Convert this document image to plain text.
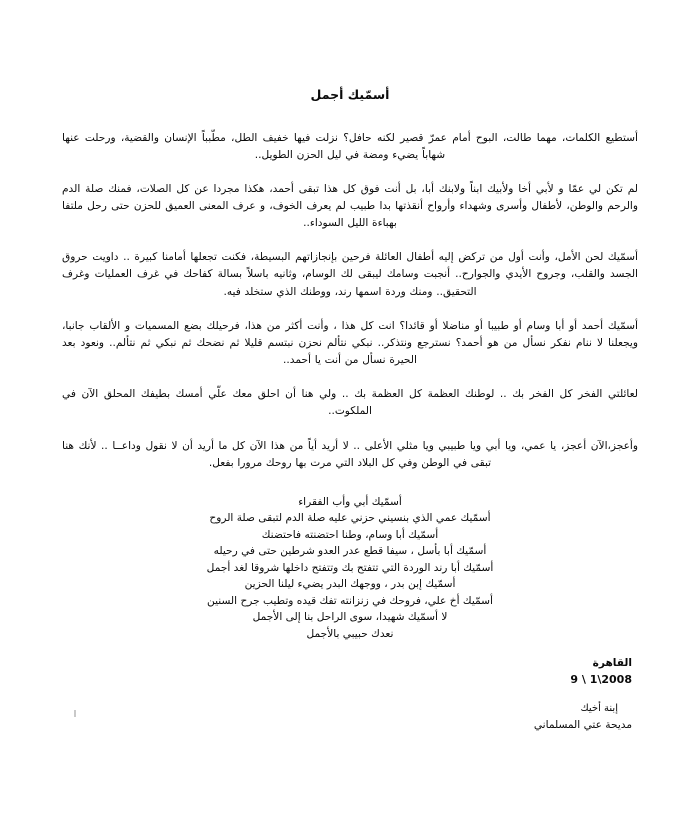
أسمّيك أجمل

أستطيع الكلمات، مهما طالت، البوح أمام عمرّ قصير لكنه حافل؟ نزلت فيها خفيف الطل، مطّبباً الإنسان والقضية، ورحلت عنها شهاباً يضيء ومضة في ليل الحزن الطويل..

لم تكن لي عمّا و لأبي أخا ولأبيك ابناً ولابنك أبا، بل أنت فوق كل هذا تبقى أحمد، هكذا مجردا عن كل الصلات، فمنك صلة الدم والرحم والوطن، لأطفال وأسرى وشهداء وأرواح أنقذتها بدا طبيب لم يعرف الخوف، و عرف المعنى العميق للحزن حتى رحل ملتفا بهباءة الليل السوداء..

أسمّيك لحن الأمل، وأنت أول من تركض إليه أطفال العائلة فرحين بإنجازاتهم البسيطة، فكنت تجعلها أمامنا كبيرة .. داويت حروق الجسد والقلب، وجروح الأيدي والجوارح.. أنجبت وسامك ليبقى لك الوسام، وثانيه باسلاً بسالة كفاحك في غرف العمليات وغرف التحقيق.. ومنك وردة اسمها رند، ووطنك الذي ستخلد فيه.

أسمّيك أحمد أو أبا وسام أو طبيبا أو مناضلا أو قائدا؟ انت كل هذا ، وأنت أكثر من هذا، فرحيلك بضع المسميات و الألقاب جانبا، ويجعلنا لا ننام نفكر نسأل من هو أحمد؟ نسترجع ونتذكر.. نبكي نتألم نحزن نبتسم قليلا ثم نضحك ثم نبكي ثم نتألم.. ونعود بعد الحيرة نسأل من أنت يا أحمد..

لعائلتي الفخر كل الفخر بك .. لوطنك العظمة كل العظمة بك .. ولي هنا أن احلق معك علّي أمسك بطيفك المحلق الآن في الملكوت..

وأعجز،الآن أعجز، يا عمي، ويا أبي ويا طبيبي ويا مثلي الأعلى .. لا أريد أياً من هذا الآن كل ما أريد أن لا نقول وداعــا .. لأنك هنا تبقى في الوطن وفي كل البلاد التي مرت بها روحك مرورا بفعل.

أسمّيك أبي وأب الفقراء

أسمّيك عمي الذي بنسيني حزني عليه صلة الدم لتبقى صلة الروح

أسمّيك أبا وسام، وطنا احتضنته فاحتضنك

أسمّيك أبا بأسل ، سيفا قطع عدر العدو شرطين حتى في رحيله

أسمّيك أبا رند الوردة التي تتفتح بك وتتفتح داخلها شروقا لغد أجمل

أسمّيك إبن بدر ، ووجهك البدر يضيء ليلنا الحزين

أسمّيك أخ علي، فروحك في زنزانته تفك قيده وتطيب جرح السنين

لا أسمّيك شهيدا، سوى الراحل بنا إلى الأجمل

نعدك حبيبي بالأجمل

القاهرة

9 \ 1\2008

إبنة أخيك

مديحة عتي المسلماني
